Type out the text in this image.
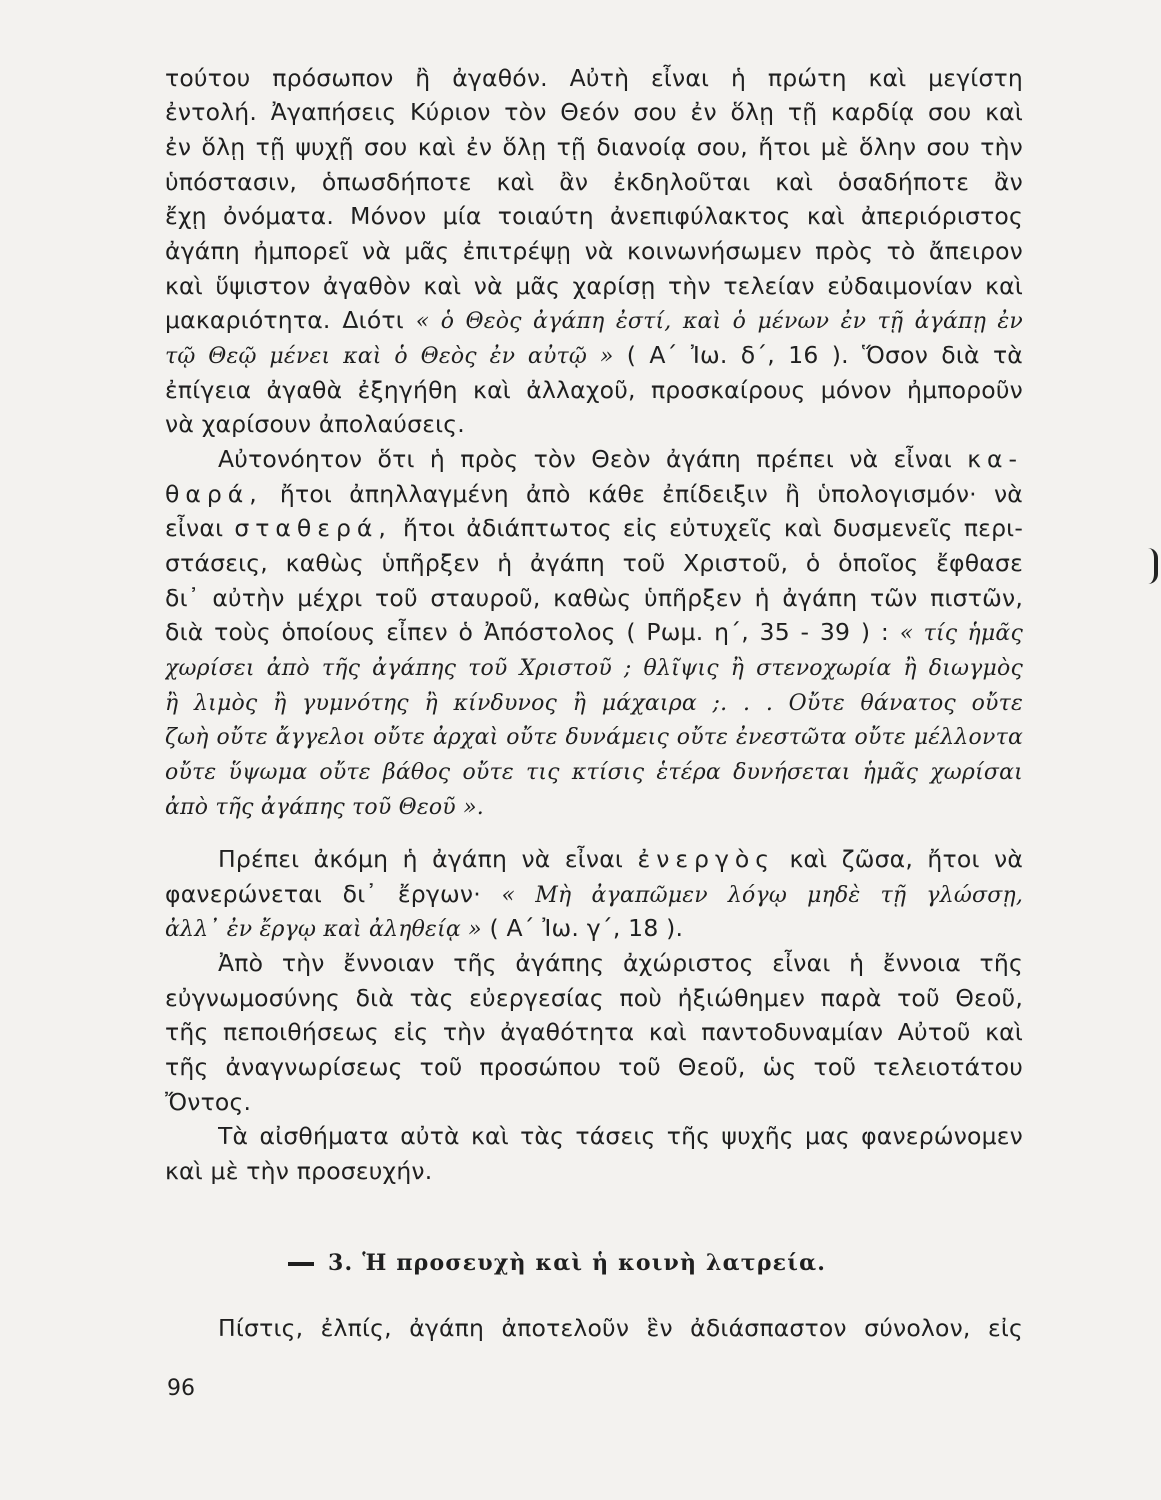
τούτου πρόσωπον ἢ ἀγαθόν. Αὐτὴ εἶναι ἡ πρώτη καὶ μεγίστη
ἐντολή. Ἀγαπήσεις Κύριον τὸν Θεόν σου ἐν ὅλῃ τῇ καρδίᾳ σου καὶ
ἐν ὅλῃ τῇ ψυχῇ σου καὶ ἐν ὅλῃ τῇ διανοίᾳ σου, ἤτοι μὲ ὅλην σου τὴν
ὑπόστασιν, ὁπωσδήποτε καὶ ἂν ἐκδηλοῦται καὶ ὁσαδήποτε ἂν
ἔχῃ ὀνόματα. Μόνον μία τοιαύτη ἀνεπιφύλακτος καὶ ἀπεριόριστος
ἀγάπη ἠμπορεῖ νὰ μᾶς ἐπιτρέψῃ νὰ κοινωνήσωμεν πρὸς τὸ ἄπειρον
καὶ ὕψιστον ἀγαθὸν καὶ νὰ μᾶς χαρίσῃ τὴν τελείαν εὐδαιμονίαν καὶ
μακαριότητα. Διότι « ὁ Θεὸς ἀγάπη ἐστί, καὶ ὁ μένων ἐν τῇ ἀγάπῃ ἐν
τῷ Θεῷ μένει καὶ ὁ Θεὸς ἐν αὐτῷ » ( Α΄ Ἰω. δ΄, 16 ). Ὅσον διὰ τὰ
ἐπίγεια ἀγαθὰ ἐξηγήθη καὶ ἀλλαχοῦ, προσκαίρους μόνον ἠμποροῦν
νὰ χαρίσουν ἀπολαύσεις.
Αὐτονόητον ὅτι ἡ πρὸς τὸν Θεὸν ἀγάπη πρέπει νὰ εἶναι κα-
θαρά, ἤτοι ἀπηλλαγμένη ἀπὸ κάθε ἐπίδειξιν ἢ ὑπολογισμόν· νὰ
εἶναι σταθερά, ἤτοι ἀδιάπτωτος εἰς εὐτυχεῖς καὶ δυσμενεῖς περι-
στάσεις, καθὼς ὑπῆρξεν ἡ ἀγάπη τοῦ Χριστοῦ, ὁ ὁποῖος ἔφθασε
δι᾽ αὐτὴν μέχρι τοῦ σταυροῦ, καθὼς ὑπῆρξεν ἡ ἀγάπη τῶν πιστῶν,
διὰ τοὺς ὁποίους εἶπεν ὁ Ἀπόστολος ( Ρωμ. η΄, 35 - 39 ) : « τίς ἡμᾶς
χωρίσει ἀπὸ τῆς ἀγάπης τοῦ Χριστοῦ ; θλῖψις ἢ στενοχωρία ἢ διωγμὸς
ἢ λιμὸς ἢ γυμνότης ἢ κίνδυνος ἢ μάχαιρα ;. . . Οὔτε θάνατος οὔτε
ζωὴ οὔτε ἄγγελοι οὔτε ἀρχαὶ οὔτε δυνάμεις οὔτε ἐνεστῶτα οὔτε μέλλοντα
οὔτε ὕψωμα οὔτε βάθος οὔτε τις κτίσις ἑτέρα δυνήσεται ἡμᾶς χωρίσαι
ἀπὸ τῆς ἀγάπης τοῦ Θεοῦ ».
Πρέπει ἀκόμη ἡ ἀγάπη νὰ εἶναι ἐνεργὸς καὶ ζῶσα, ἤτοι νὰ
φανερώνεται δι᾽ ἔργων· « Μὴ ἀγαπῶμεν λόγῳ μηδὲ τῇ γλώσσῃ,
ἀλλ᾽ ἐν ἔργῳ καὶ ἀληθείᾳ » ( Α΄ Ἰω. γ΄, 18 ).
Ἀπὸ τὴν ἔννοιαν τῆς ἀγάπης ἀχώριστος εἶναι ἡ ἔννοια τῆς
εὐγνωμοσύνης διὰ τὰς εὐεργεσίας ποὺ ἠξιώθημεν παρὰ τοῦ Θεοῦ,
τῆς πεποιθήσεως εἰς τὴν ἀγαθότητα καὶ παντοδυναμίαν Αὐτοῦ καὶ
τῆς ἀναγνωρίσεως τοῦ προσώπου τοῦ Θεοῦ, ὡς τοῦ τελειοτάτου
Ὄντος.
Τὰ αἰσθήματα αὐτὰ καὶ τὰς τάσεις τῆς ψυχῆς μας φανερώνομεν
καὶ μὲ τὴν προσευχήν.
3. Ἡ προσευχὴ καὶ ἡ κοινὴ λατρεία.
Πίστις, ἐλπίς, ἀγάπη ἀποτελοῦν ἓν ἀδιάσπαστον σύνολον, εἰς
96
